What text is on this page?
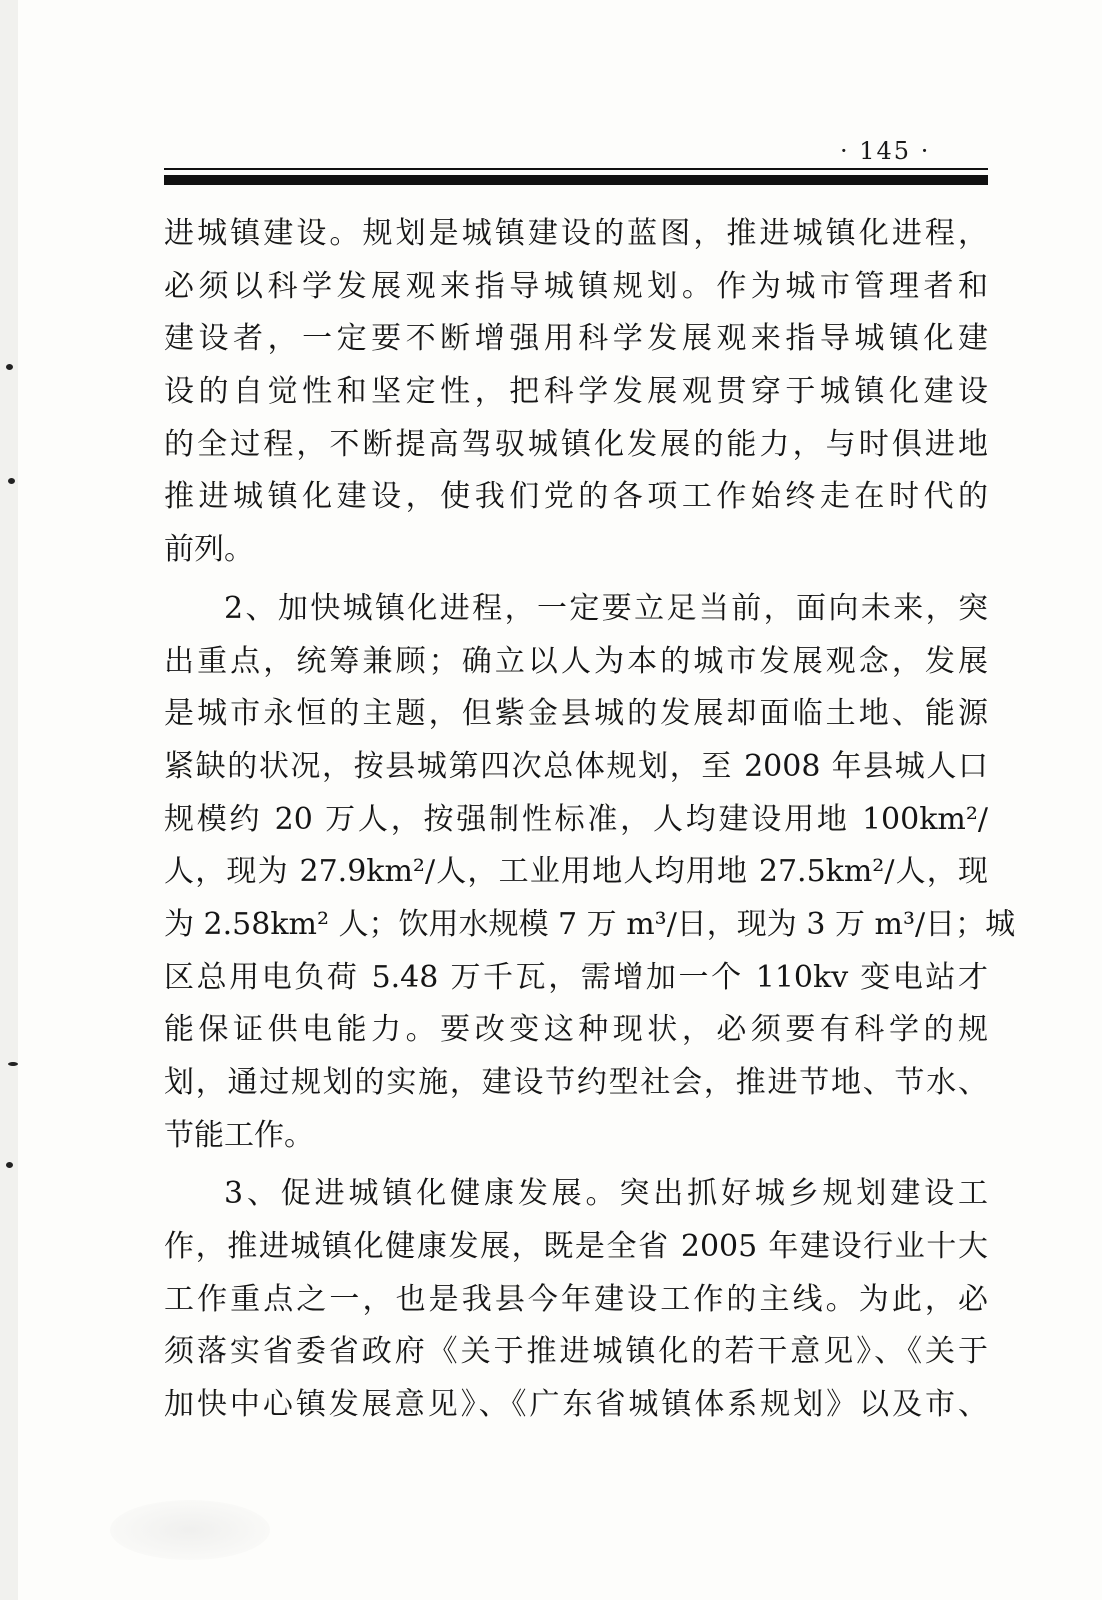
· 145 ·
进城镇建设。规划是城镇建设的蓝图，推进城镇化进程，
必须以科学发展观来指导城镇规划。作为城市管理者和
建设者，一定要不断增强用科学发展观来指导城镇化建
设的自觉性和坚定性，把科学发展观贯穿于城镇化建设
的全过程，不断提高驾驭城镇化发展的能力，与时俱进地
推进城镇化建设，使我们党的各项工作始终走在时代的
前列。
2、加快城镇化进程，一定要立足当前，面向未来，突
出重点，统筹兼顾；确立以人为本的城市发展观念，发展
是城市永恒的主题，但紫金县城的发展却面临土地、能源
紧缺的状况，按县城第四次总体规划，至 2008 年县城人口
规模约 20 万人，按强制性标准，人均建设用地 100km²/
人，现为 27.9km²/人，工业用地人均用地 27.5km²/人，现
为 2.58km² 人；饮用水规模 7 万 m³/日，现为 3 万 m³/日；城
区总用电负荷 5.48 万千瓦，需增加一个 110kv 变电站才
能保证供电能力。要改变这种现状，必须要有科学的规
划，通过规划的实施，建设节约型社会，推进节地、节水、
节能工作。
3、促进城镇化健康发展。突出抓好城乡规划建设工
作，推进城镇化健康发展，既是全省 2005 年建设行业十大
工作重点之一，也是我县今年建设工作的主线。为此，必
须落实省委省政府《关于推进城镇化的若干意见》、《关于
加快中心镇发展意见》、《广东省城镇体系规划》以及市、
